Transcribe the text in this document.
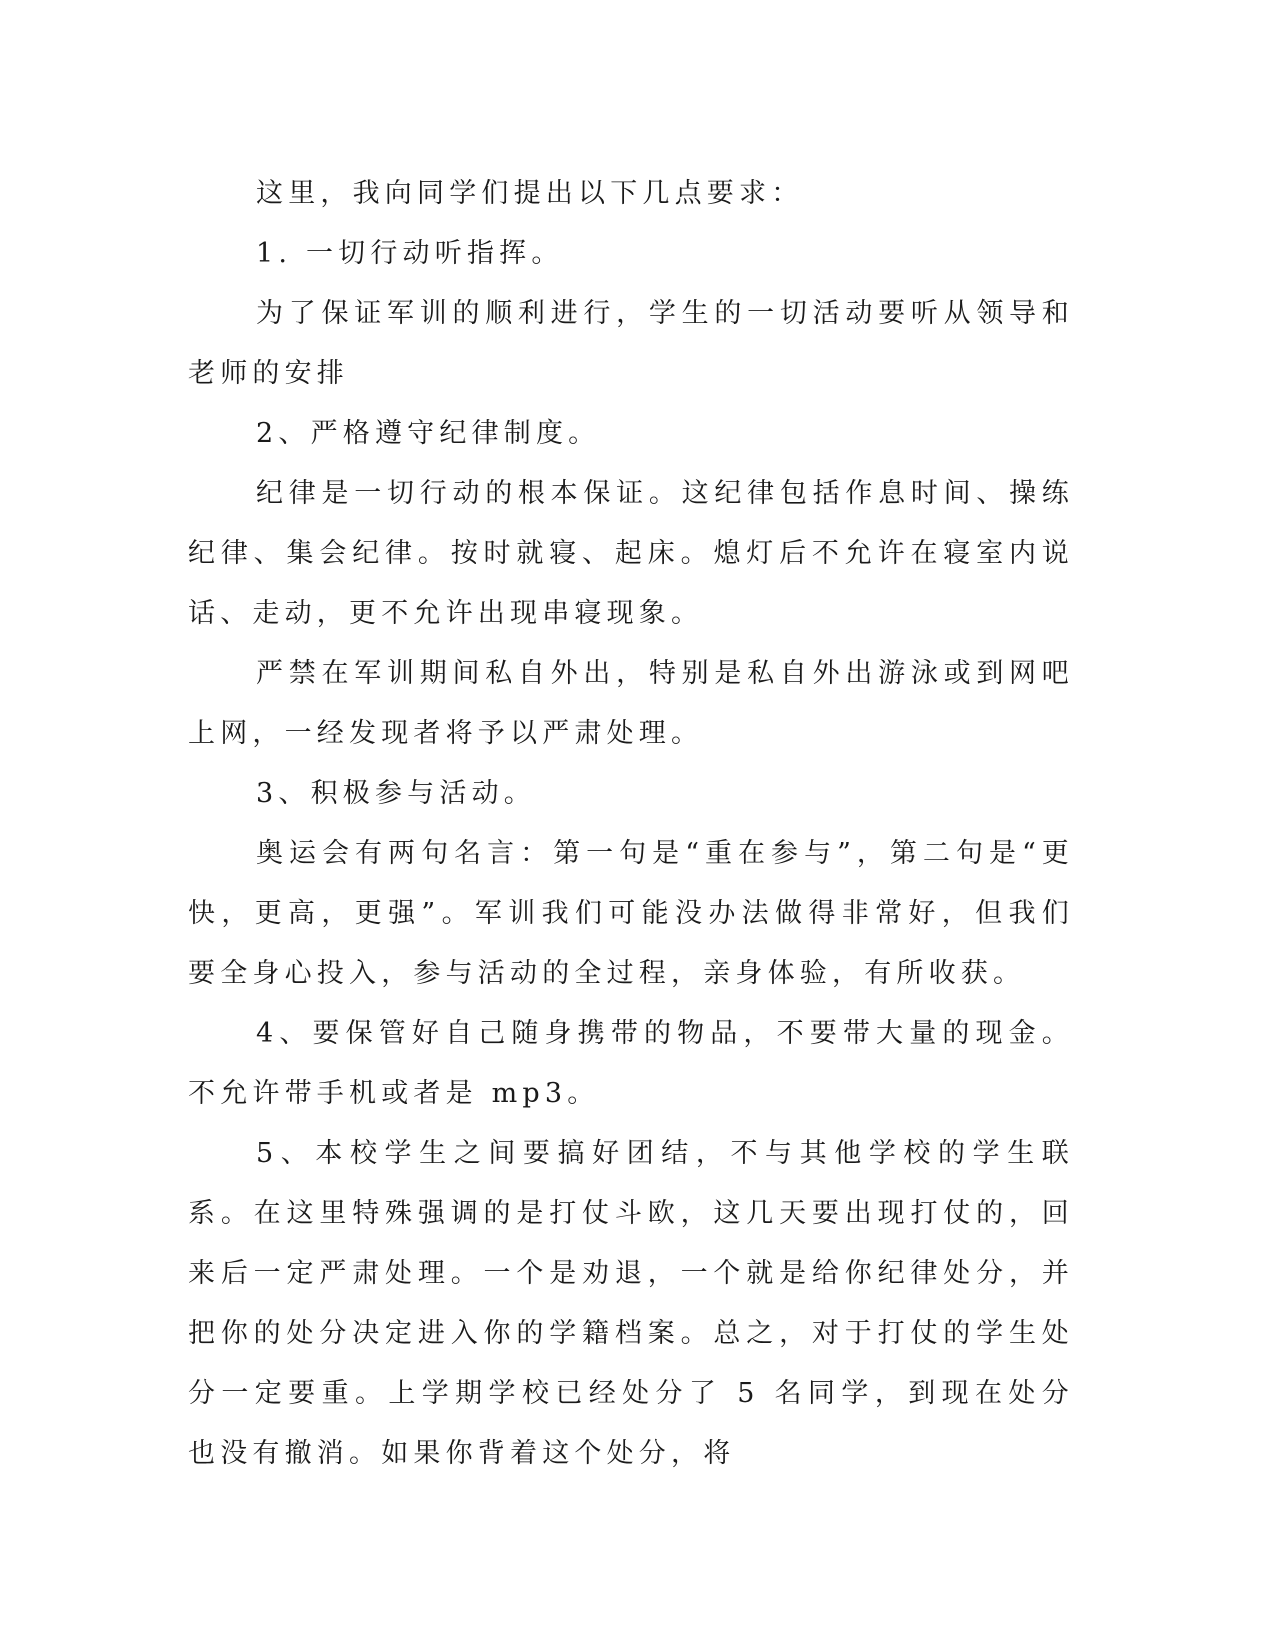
这里，我向同学们提出以下几点要求：

1. 一切行动听指挥。

为了保证军训的顺利进行，学生的一切活动要听从领导和老师的安排

2、严格遵守纪律制度。

纪律是一切行动的根本保证。这纪律包括作息时间、操练纪律、集会纪律。按时就寝、起床。熄灯后不允许在寝室内说话、走动，更不允许出现串寝现象。

严禁在军训期间私自外出，特别是私自外出游泳或到网吧上网，一经发现者将予以严肃处理。

3、积极参与活动。

奥运会有两句名言：第一句是“重在参与”，第二句是“更快，更高，更强”。军训我们可能没办法做得非常好，但我们要全身心投入，参与活动的全过程，亲身体验，有所收获。

4、要保管好自己随身携带的物品，不要带大量的现金。不允许带手机或者是 mp3。

5、本校学生之间要搞好团结，不与其他学校的学生联系。在这里特殊强调的是打仗斗欧，这几天要出现打仗的，回来后一定严肃处理。一个是劝退，一个就是给你纪律处分，并把你的处分决定进入你的学籍档案。总之，对于打仗的学生处分一定要重。上学期学校已经处分了 5 名同学，到现在处分也没有撤消。如果你背着这个处分，将
